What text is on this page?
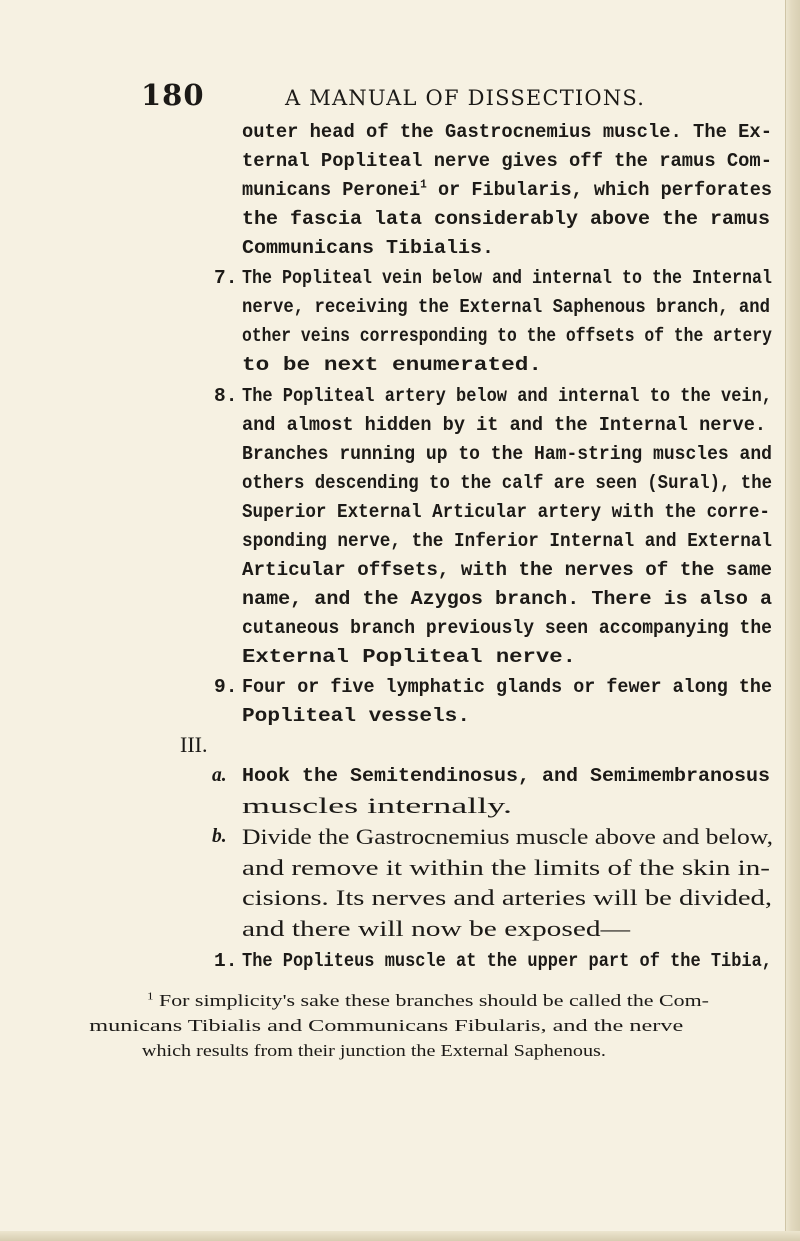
180	A MANUAL OF DISSECTIONS.
outer head of the Gastrocnemius muscle. The Ex-
ternal Popliteal nerve gives off the ramus Com-
municans Peronei$^1$ or Fibularis, which perforates
the fascia lata considerably above the ramus
Communicans Tibialis.
7. The Popliteal vein below and internal to the Internal
nerve, receiving the External Saphenous branch, and
other veins corresponding to the offsets of the artery
to be next enumerated.
8. The Popliteal artery below and internal to the vein,
and almost hidden by it and the Internal nerve.
Branches running up to the Ham-string muscles and
others descending to the calf are seen (Sural), the
Superior External Articular artery with the corre-
sponding nerve, the Inferior Internal and External
Articular offsets, with the nerves of the same
name, and the Azygos branch. There is also a
cutaneous branch previously seen accompanying the
External Popliteal nerve.
9. Four or five lymphatic glands or fewer along the
Popliteal vessels.
III.
a. Hook the Semitendinosus, and Semimembranosus
muscles internally.
b. Divide the Gastrocnemius muscle above and below,
and remove it within the limits of the skin in-
cisions. Its nerves and arteries will be divided,
and there will now be exposed—
1. The Popliteus muscle at the upper part of the Tibia,
$^1$ For simplicity's sake these branches should be called the Com-
municans Tibialis and Communicans Fibularis, and the nerve
which results from their junction the External Saphenous.
